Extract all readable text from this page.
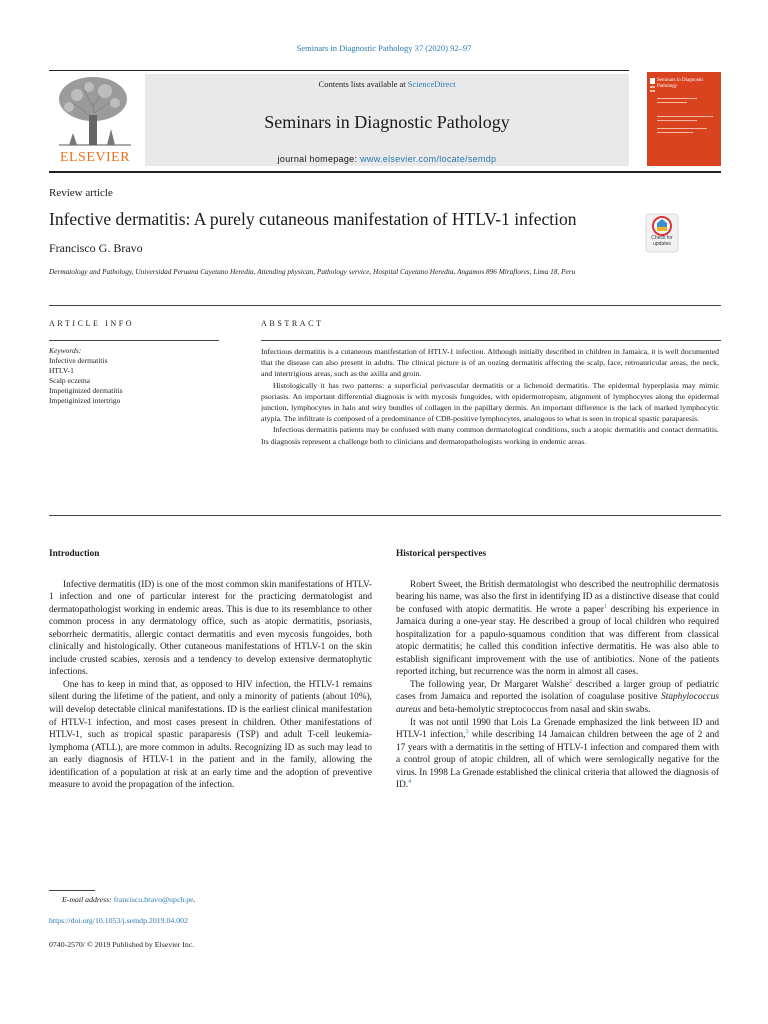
Seminars in Diagnostic Pathology 37 (2020) 92–97
ELSEVIER
Contents lists available at ScienceDirect
Seminars in Diagnostic Pathology
journal homepage: www.elsevier.com/locate/semdp
Seminars in Diagnostic Pathology
Review article
Infective dermatitis: A purely cutaneous manifestation of HTLV-1 infection
Check for
updates
Francisco G. Bravo
Dermatology and Pathology, Universidad Peruana Cayetano Heredia, Attending physican, Pathology service, Hospital Cayetano Heredia, Angamos 896 Miraflores, Lima 18, Peru
ARTICLE INFO	ABSTRACT
Keywords:
Infective dermatitis
HTLV-1
Scalp eczema
Impetiginized dermatitis
Impetiginized intertrigo

Infectious dermatitis is a cutaneous manifestation of HTLV-1 infection. Although initially described in children in Jamaica, it is well documented that the disease can also present in adults. The clinical picture is of an oozing dermatitis affecting the scalp, face, retroauricular areas, the neck, and intertrigious areas, such as the axilla and groin.

Histologically it has two patterns: a superficial perivascular dermatitis or a lichenoid dermatitis. The epidermal hyperplasia may mimic psoriasis. An important differential diagnosis is with mycosis fungoides, with epidermotropism, alignment of lymphocytes along the epidermal junction, lymphocytes in halo and wiry bundles of collagen in the papillary dermis. An important difference is the lack of marked lymphocytic atypia. The infiltrate is composed of a predominance of CD8-positive lymphocytes, analogous to what is seen in tropical spastic paraparesis.

Infectious dermatitis patients may be confused with many common dermatological conditions, such a atopic dermatitis and contact dermatitis. Its diagnosis represent a challenge both to clinicians and dermatopathologists working in endemic areas.

Introduction

Infective dermatitis (ID) is one of the most common skin manifestations of HTLV-1 infection and one of particular interest for the practicing dermatologist and dermatopathologist working in endemic areas. This is due to its resemblance to other common process in any dermatology office, such as atopic dermatitis, psoriasis, seborrheic dermatitis, allergic contact dermatitis and even mycosis fungoides, both clinically and histologically. Other cutaneous manifestations of HTLV-1 on the skin include crusted scabies, xerosis and a tendency to develop extensive dermatophytic infections.

One has to keep in mind that, as opposed to HIV infection, the HTLV-1 remains silent during the lifetime of the patient, and only a minority of patients (about 10%), will develop detectable clinical manifestations. ID is the earliest clinical manifestation of HTLV-1 infection, and most cases present in children. Other manifestations of HTLV-1, such as tropical spastic paraparesis (TSP) and adult T-cell leukemia-lymphoma (ATLL), are more common in adults. Recognizing ID as such may lead to an early diagnosis of HTLV-1 in the patient and in the family, allowing the identification of a population at risk at an early time and the adoption of preventive measure to avoid the propagation of the infection.

Historical perspectives

Robert Sweet, the British dermatologist who described the neutrophilic dermatosis bearing his name, was also the first in identifying ID as a distinctive disease that could be confused with atopic dermatitis. He wrote a paper$^1$ describing his experience in Jamaica during a one-year stay. He described a group of local children who required hospitalization for a papulo-squamous condition that was different from classical atopic dermatitis; he called this condition infective dermatitis. He was also able to establish significant improvement with the use of antibiotics. None of the patients reported itching, but recurrence was the norm in almost all cases.

The following year, Dr Margaret Walshe$^2$ described a larger group of pediatric cases from Jamaica and reported the isolation of coagulase positive Staphylococcus aureus and beta-hemolytic streptococcus from nasal and skin swabs.

It was not until 1990 that Lois La Grenade emphasized the link between ID and HTLV-1 infection,$^3$ while describing 14 Jamaican children between the age of 2 and 17 years with a dermatitis in the setting of HTLV-1 infection and compared them with a control group of atopic children, all of which were serologically negative for the virus. In 1998 La Grenade established the clinical criteria that allowed the diagnosis of ID.$^4$

E-mail address: francisco.bravo@upch.pe.
https://doi.org/10.1053/j.semdp.2019.04.002
0740-2570/ © 2019 Published by Elsevier Inc.
